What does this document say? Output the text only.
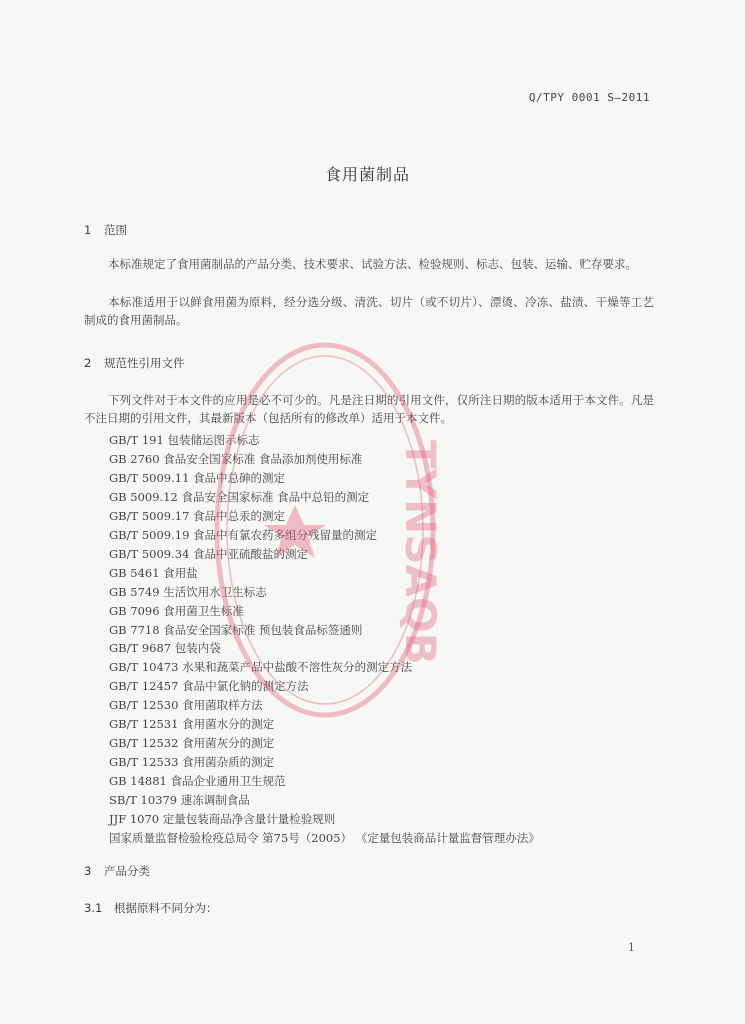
Q/TPY 0001 S—2011
食用菌制品
1 范围

本标准规定了食用菌制品的产品分类、技术要求、试验方法、检验规则、标志、包装、运输、贮存要求。

本标准适用于以鲜食用菌为原料，经分选分级、清洗、切片（或不切片）、漂烫、冷冻、盐渍、干燥等工艺制成的食用菌制品。

2 规范性引用文件

下列文件对于本文件的应用是必不可少的。凡是注日期的引用文件，仅所注日期的版本适用于本文件。凡是不注日期的引用文件，其最新版本（包括所有的修改单）适用于本文件。

GB/T 191 包装储运图示标志
GB 2760 食品安全国家标准 食品添加剂使用标准
GB/T 5009.11 食品中总砷的测定
GB 5009.12 食品安全国家标准 食品中总铅的测定
GB/T 5009.17 食品中总汞的测定
GB/T 5009.19 食品中有氯农药多组分残留量的测定
GB/T 5009.34 食品中亚硫酸盐的测定
GB 5461 食用盐
GB 5749 生活饮用水卫生标志
GB 7096 食用菌卫生标准
GB 7718 食品安全国家标准 预包装食品标签通则
GB/T 9687 包装内袋
GB/T 10473 水果和蔬菜产品中盐酸不溶性灰分的测定方法
GB/T 12457 食品中氯化钠的测定方法
GB/T 12530 食用菌取样方法
GB/T 12531 食用菌水分的测定
GB/T 12532 食用菌灰分的测定
GB/T 12533 食用菌杂质的测定
GB 14881 食品企业通用卫生规范
SB/T 10379 速冻调制食品
JJF 1070 定量包装商品净含量计量检验规则
国家质量监督检验检疫总局令 第75号（2005） 《定量包装商品计量监督管理办法》
3 产品分类
3.1 根据原料不同分为：
1
TYNSAQB
